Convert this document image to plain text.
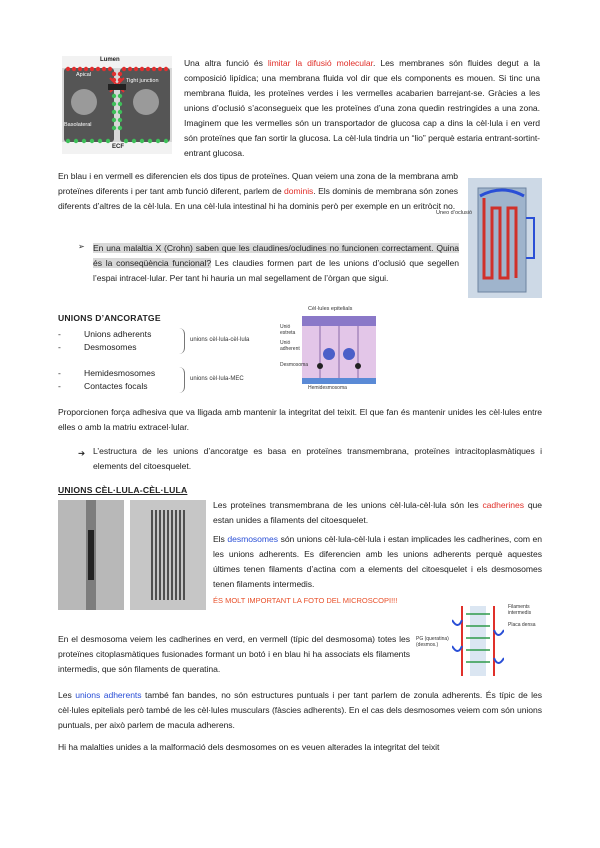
Lumen
Apical
Tight junction
Basolateral
ECF
Una altra funció és limitar la difusió molecular. Les membranes són fluides degut a la composició lipídica; una membrana fluida vol dir que els components es mouen. Si tinc una membrana fluida, les proteïnes verdes i les vermelles acabarien barrejant-se. Gràcies a les unions d’oclusió s’aconsegueix que les proteïnes d’una zona quedin restringides a una zona. Imaginem que les vermelles són un transportador de glucosa cap a dins la cèl·lula i en verd són proteïnes que fan sortir la glucosa. La cèl·lula tindria un “lio” perquè estaria entrant-sortint-entrant glucosa.
En blau i en vermell es diferencien els dos tipus de proteïnes. Quan veiem una zona de la membrana amb proteïnes diferents i per tant amb funció diferent, parlem de dominis. Els dominis de membrana són zones diferents d’altres de la cèl·lula. En una cèl·lula intestinal hi ha dominis però per exemple en un eritròcit no.
Uneo d’oclusió
➢ En una malaltia X (Crohn) saben que les claudines/ocludines no funcionen correctament. Quina és la conseqüència funcional? Les claudies formen part de les unions d’oclusió que segellen l’espai intracel·lular. Per tant hi hauria un mal segellament de l’òrgan que sigui.
UNIONS D’ANCORATGE
- Unions adherents
- Desmosomes
unions cèl·lula-cèl·lula
- Hemidesmosomes
- Contactes focals
unions cèl·lula-MEC
Cèl·lules epitelials
Unió estreta
Unió adherent
Desmosoma
Hemidesmosoma
Proporcionen força adhesiva que va lligada amb mantenir la integritat del teixit. El que fan és mantenir unides les cèl·lules entre elles o amb la matriu extracel·lular.
➔ L’estructura de les unions d’ancoratge es basa en proteïnes transmembrana, proteïnes intracitoplasmàtiques i elements del citoesquelet.
UNIONS CÈL·LULA-CÈL·LULA
Les proteïnes transmembrana de les unions cèl·lula-cèl·lula són les cadherines que estan unides a filaments del citoesquelet.
Els desmosomes són unions cèl·lula-cèl·lula i estan implicades les cadherines, com en les unions adherents. Es diferencien amb les unions adherents perquè aquestes últimes tenen filaments d’actina com a elements del citoesquelet i els desmosomes tenen filaments intermedis.
ÉS MOLT IMPORTANT LA FOTO DEL MICROSCOPI!!!
Filaments intermedis
Placa densa
PG (queratina) (desmos.)
En el desmosoma veiem les cadherines en verd, en vermell (típic del desmosoma) totes les proteïnes citoplasmàtiques fusionades formant un botó i en blau hi ha associats els filaments intermedis, que són filaments de queratina.
Les unions adherents també fan bandes, no són estructures puntuals i per tant parlem de zonula adherents. És típic de les cèl·lules epitelials però també de les cèl·lules musculars (fàscies adherents). En el cas dels desmosomes veiem com són unions puntuals, per això parlem de macula adherens.
Hi ha malalties unides a la malformació dels desmosomes on es veuen alterades la integritat del teixit
